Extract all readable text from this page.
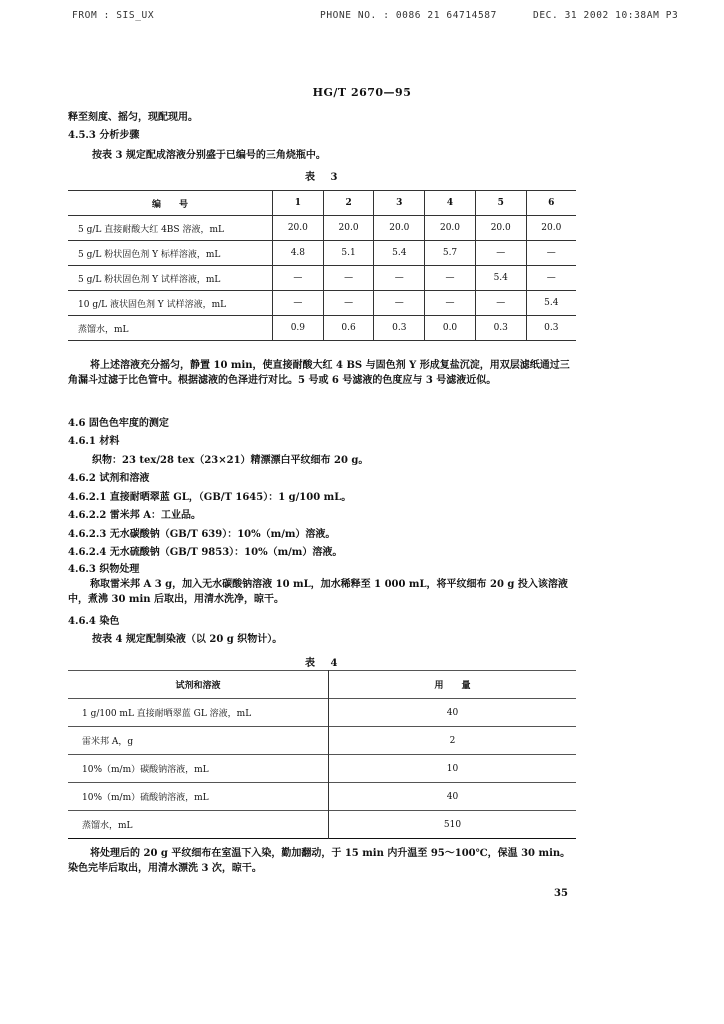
FROM : SIS_UX	PHONE NO. : 0086 21 64714587	DEC. 31 2002 10:38AM P3
HG/T 2670—95
释至刻度、摇匀，现配现用。
4.5.3 分析步骤
按表 3 规定配成溶液分别盛于已编号的三角烧瓶中。
表 3
编　　号	1	2	3	4	5	6
5 g/L 直接耐酸大红 4BS 溶液，mL	20.0	20.0	20.0	20.0	20.0	20.0
5 g/L 粉状固色剂 Y 标样溶液，mL	4.8	5.1	5.4	5.7	—	—
5 g/L 粉状固色剂 Y 试样溶液，mL	—	—	—	—	5.4	—
10 g/L 液状固色剂 Y 试样溶液，mL	—	—	—	—	—	5.4
蒸馏水，mL	0.9	0.6	0.3	0.0	0.3	0.3
将上述溶液充分摇匀，静置 10 min，使直接耐酸大红 4 BS 与固色剂 Y 形成复盐沉淀，用双层滤纸通过三角漏斗过滤于比色管中。根据滤液的色泽进行对比。5 号或 6 号滤液的色度应与 3 号滤液近似。
4.6 固色色牢度的测定
4.6.1 材料
织物：23 tex/28 tex（23×21）精漂漂白平纹细布 20 g。
4.6.2 试剂和溶液
4.6.2.1 直接耐晒翠蓝 GL，（GB/T 1645）：1 g/100 mL。
4.6.2.2 雷米邦 A：工业品。
4.6.2.3 无水碳酸钠（GB/T 639）：10%（m/m）溶液。
4.6.2.4 无水硫酸钠（GB/T 9853）：10%（m/m）溶液。
4.6.3 织物处理
称取雷米邦 A 3 g，加入无水碳酸钠溶液 10 mL，加水稀释至 1 000 mL，将平纹细布 20 g 投入该溶液中，煮沸 30 min 后取出，用清水洗净，晾干。
4.6.4 染色
按表 4 规定配制染液（以 20 g 织物计）。
表 4
试剂和溶液	用　　量
1 g/100 mL 直接耐晒翠蓝 GL 溶液，mL	40
雷米邦 A，g	2
10%（m/m）碳酸钠溶液，mL	10
10%（m/m）硫酸钠溶液，mL	40
蒸馏水，mL	510
将处理后的 20 g 平纹细布在室温下入染，勤加翻动，于 15 min 内升温至 95～100℃，保温 30 min。染色完毕后取出，用清水漂洗 3 次，晾干。
35
